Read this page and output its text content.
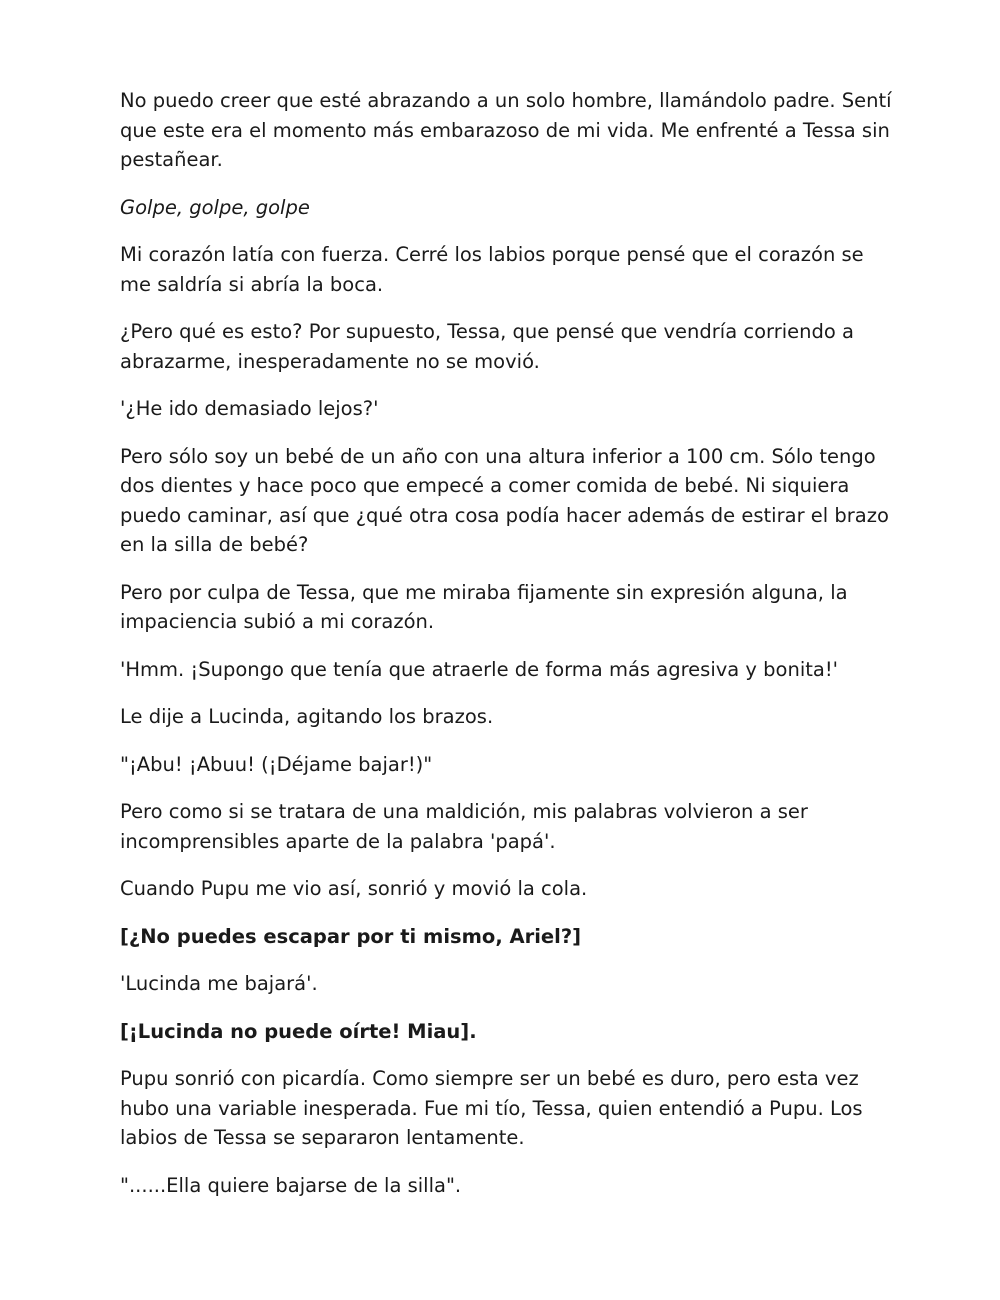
No puedo creer que esté abrazando a un solo hombre, llamándolo padre. Sentí que este era el momento más embarazoso de mi vida. Me enfrenté a Tessa sin pestañear.

Golpe, golpe, golpe

Mi corazón latía con fuerza. Cerré los labios porque pensé que el corazón se me saldría si abría la boca.

¿Pero qué es esto? Por supuesto, Tessa, que pensé que vendría corriendo a abrazarme, inesperadamente no se movió.

'¿He ido demasiado lejos?'

Pero sólo soy un bebé de un año con una altura inferior a 100 cm. Sólo tengo dos dientes y hace poco que empecé a comer comida de bebé. Ni siquiera puedo caminar, así que ¿qué otra cosa podía hacer además de estirar el brazo en la silla de bebé?

Pero por culpa de Tessa, que me miraba fijamente sin expresión alguna, la impaciencia subió a mi corazón.

'Hmm. ¡Supongo que tenía que atraerle de forma más agresiva y bonita!'

Le dije a Lucinda, agitando los brazos.

"¡Abu! ¡Abuu! (¡Déjame bajar!)"

Pero como si se tratara de una maldición, mis palabras volvieron a ser incomprensibles aparte de la palabra 'papá'.

Cuando Pupu me vio así, sonrió y movió la cola.

[¿No puedes escapar por ti mismo, Ariel?]

'Lucinda me bajará'.

[¡Lucinda no puede oírte! Miau].

Pupu sonrió con picardía. Como siempre ser un bebé es duro, pero esta vez hubo una variable inesperada. Fue mi tío, Tessa, quien entendió a Pupu. Los labios de Tessa se separaron lentamente.

"......Ella quiere bajarse de la silla".
